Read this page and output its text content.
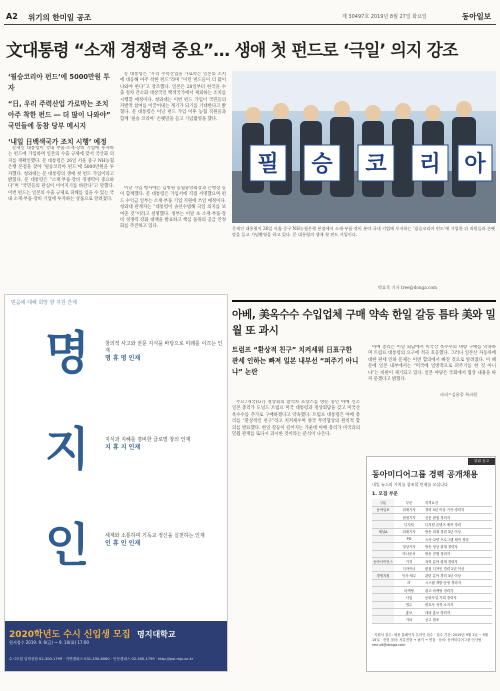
A2 위기의 한미일 공조	제 30497호 2019년 8월 27일 화요일	동아일보
文대통령 “소재 경쟁력 중요”… 생애 첫 펀드로 ‘극일’ 의지 강조

‘필승코리아 펀드’에 5000만원 투자

“日, 우리 주력산업 가로막는 조치 아주 착한 펀드 ― 더 많이 나와야” 국민들에 동참 당부 메시지

‘내일 日백색국가 조치 시행’ 예정

문재인 대통령이 국내 부품·소재·장비 기업에 투자하는 펀드에 가입하며 일본의 수출 규제에 맞서 국산화 의지를 재확인했다. 문 대통령은 26일 서울 중구 NH농협은행 본점을 찾아 ‘필승코리아 펀드’에 5000만원을 투자했다. 청와대는 문 대통령의 생애 첫 펀드 가입이라고 밝혔다. 문 대통령은 “소재·부품·장비 경쟁력이 중요하다”며 “국민들의 관심이 이어지기를 바란다”고 말했다. 이번 펀드는 일본의 수출 규제로 피해를 입을 수 있는 국내 소재·부품·장비 기업에 투자하는 상품으로 알려졌다.

문 대통령은 “우리 주력산업을 가로막는 일본의 조치에 대응해 아주 착한 펀드”라며 “이런 펀드들이 더 많이 나와야 한다”고 강조했다. 일본은 28일부터 한국을 수출 절차 간소화 대상국인 백색국가에서 제외하는 조치를 시행할 예정이다. 청와대는 이번 펀드 가입이 국민들의 자발적 참여를 이끌어내는 계기가 되기를 기대한다고 밝혔다. 문 대통령은 이날 펀드 가입 이후 농협 직원들과 함께 ‘필승 코리아’ 손팻말을 들고 기념촬영을 했다.

이날 가입 행사에는 김병원 농협중앙회장과 은행장 등이 함께했다. 문 대통령은 가입서에 직접 서명했으며 펀드 수익금 일부는 소재·부품 기업 지원에 쓰일 예정이다. 청와대 관계자는 “대통령이 솔선수범해 극일 의지를 보여준 것”이라고 설명했다. 정부는 이달 초 소재·부품·장비 경쟁력 강화 대책을 발표하고 핵심 품목의 공급 안정화를 추진하고 있다.

필 승 코 리 아
문재인 대통령이 26일 서울 중구 NH농협은행 본점에서 소재·부품·장비 분야 국내 기업에 투자하는 ‘필승코리아 펀드’에 가입한 뒤 직원들과 손팻말을 들고 기념촬영을 하고 있다. 문 대통령의 생애 첫 펀드 가입이다.
박효목 기자 tree@donga.com
아베, 美옥수수 수입업체 구매 약속 한일 갈등 틈타 美와 밀월 또 과시
트럼프 “환상적 친구” 치켜세워 日표구한 관세 인하는 빠져 일본 내부선 “퍼주기 아니냐” 논란

주요7개국(G7) 정상회의 참석차 프랑스를 방문 중인 아베 신조 일본 총리가 도널드 트럼프 미국 대통령과 정상회담을 갖고 미국산 옥수수를 추가로 구매하겠다고 약속했다. 트럼프 대통령은 아베 총리를 “환상적인 친구”라고 치켜세우며 양국 무역협상의 원칙적 합의를 발표했다. 한일 갈등이 깊어지는 가운데 아베 총리가 미국과의 밀월 관계를 또다시 과시한 것이라는 분석이 나온다.

아베 총리는 이날 회담에서 미국산 옥수수의 대량 구매를 약속하며 트럼프 대통령의 요구에 적극 호응했다. 그러나 일본산 자동차에 대한 관세 인하 문제는 이번 합의에서 빠진 것으로 알려졌다. 이 때문에 일본 내부에서는 “미국에 일방적으로 퍼주기를 한 것 아니냐”는 비판이 제기되고 있다. 일본 야당은 국회에서 협상 내용을 따져 묻겠다고 밝혔다.

파리=김윤종 특파원
믿음에 대해 희망 향 지원 간제
명
지
인
창의적 사고와 전문 지식을 바탕으로 미래를 이끄는 인재
명 휴 명 인재
지식과 지혜를 겸비한 글로벌 창의 인재
지 휴 지 인재
세계와 소통하며 기독교 정신을 실천하는 인재
인 휴 인 인재
2020학년도 수시 신입생 모집
원서접수 2019. 9. 6(금) ~ 9. 10(화) 17:00
명지대학교
수시모집 입학상담 02-300-1799 · 자연캠퍼스 031-330-6060 · 인문캠퍼스 02-300-1799 · http://ipsi.mju.ac.kr
알림 공고
동아미디어그룹 경력 공개채용
내일 뉴스의 가치를 창조할 인재를 모십니다
1. 모집 부문
구분	부문	자격요건
동아일보	취재기자	경력 3년 이상 기자 경력자
	편집기자	신문 편집 경력자
	디지털	디지털 콘텐츠 제작 경력
채널A	취재기자	방송 취재 경력 3년 이상
	PD	시사·교양 프로그램 제작 경력
	영상기자	방송 영상 취재 경력자
	아나운서	방송 진행 경력자
동아사이언스	기자	과학 분야 취재 경력자
	디자이너	편집 디자인 경력 2년 이상
경영지원	인사·재무	관련 분야 경력 3년 이상
	IT	시스템 개발·운영 경력자
	마케팅	광고·마케팅 경력자
	사업	문화사업 기획 경력자
	법무	변호사 자격 소지자
	홍보	대외 홍보 경력자
	기타	공고 참조
· 지원서 접수: 채용 홈페이지 온라인 접수 · 접수 기간: 2019년 9월 1일 ~ 9월 15일 · 전형 절차: 서류전형 → 필기 → 면접 · 문의: 동아미디어그룹 인사팀 recruit@donga.com
